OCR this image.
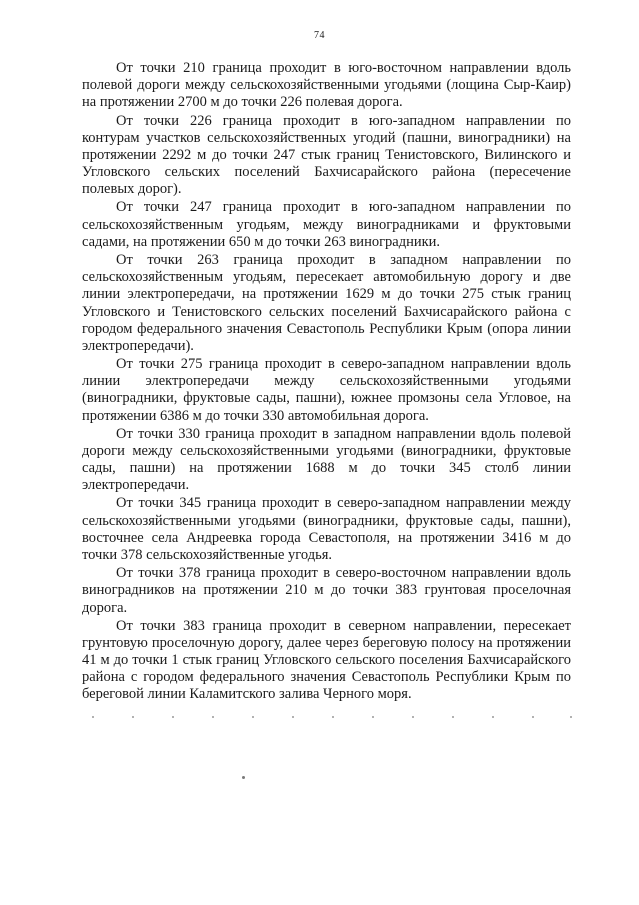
74

От точки 210 граница проходит в юго-восточном направлении вдоль полевой дороги между сельскохозяйственными угодьями (лощина Сыр-Каир) на протяжении 2700 м до точки 226 полевая дорога.

От точки 226 граница проходит в юго-западном направлении по контурам участков сельскохозяйственных угодий (пашни, виноградники) на протяжении 2292 м до точки 247 стык границ Тенистовского, Вилинского и Угловского сельских поселений Бахчисарайского района (пересечение полевых дорог).

От точки 247 граница проходит в юго-западном направлении по сельскохозяйственным угодьям, между виноградниками и фруктовыми садами, на протяжении 650 м до точки 263 виноградники.

От точки 263 граница проходит в западном направлении по сельскохозяйственным угодьям, пересекает автомобильную дорогу и две линии электропередачи, на протяжении 1629 м до точки 275 стык границ Угловского и Тенистовского сельских поселений Бахчисарайского района с городом федерального значения Севастополь Республики Крым (опора линии электропередачи).

От точки 275 граница проходит в северо-западном направлении вдоль линии электропередачи между сельскохозяйственными угодьями (виноградники, фруктовые сады, пашни), южнее промзоны села Угловое, на протяжении 6386 м до точки 330 автомобильная дорога.

От точки 330 граница проходит в западном направлении вдоль полевой дороги между сельскохозяйственными угодьями (виноградники, фруктовые сады, пашни) на протяжении 1688 м до точки 345 столб линии электропередачи.

От точки 345 граница проходит в северо-западном направлении между сельскохозяйственными угодьями (виноградники, фруктовые сады, пашни), восточнее села Андреевка города Севастополя, на протяжении 3416 м до точки 378 сельскохозяйственные угодья.

От точки 378 граница проходит в северо-восточном направлении вдоль виноградников на протяжении 210 м до точки 383 грунтовая проселочная дорога.

От точки 383 граница проходит в северном направлении, пересекает грунтовую проселочную дорогу, далее через береговую полосу на протяжении 41 м до точки 1 стык границ Угловского сельского поселения Бахчисарайского района с городом федерального значения Севастополь Республики Крым по береговой линии Каламитского залива Черного моря.
